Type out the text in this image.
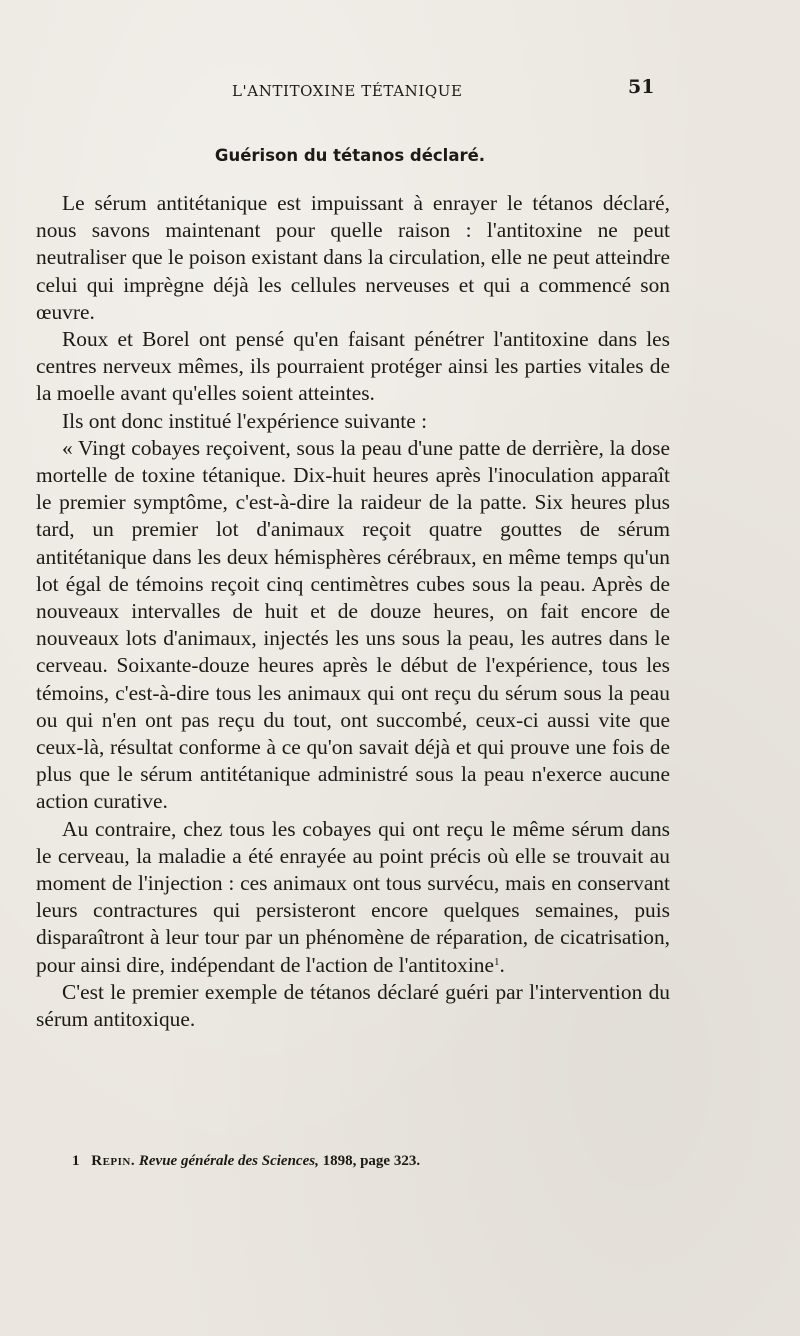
L'ANTITOXINE TÉTANIQUE	51
Guérison du tétanos déclaré.

Le sérum antitétanique est impuissant à enrayer le tétanos déclaré, nous savons maintenant pour quelle raison : l'antitoxine ne peut neutraliser que le poison existant dans la circulation, elle ne peut atteindre celui qui imprègne déjà les cellules nerveuses et qui a commencé son œuvre.

Roux et Borel ont pensé qu'en faisant pénétrer l'antitoxine dans les centres nerveux mêmes, ils pourraient protéger ainsi les parties vitales de la moelle avant qu'elles soient atteintes.

Ils ont donc institué l'expérience suivante :

« Vingt cobayes reçoivent, sous la peau d'une patte de derrière, la dose mortelle de toxine tétanique. Dix-huit heures après l'inoculation apparaît le premier symptôme, c'est-à-dire la raideur de la patte. Six heures plus tard, un premier lot d'animaux reçoit quatre gouttes de sérum antitétanique dans les deux hémisphères cérébraux, en même temps qu'un lot égal de témoins reçoit cinq centimètres cubes sous la peau. Après de nouveaux intervalles de huit et de douze heures, on fait encore de nouveaux lots d'animaux, injectés les uns sous la peau, les autres dans le cerveau. Soixante-douze heures après le début de l'expérience, tous les témoins, c'est-à-dire tous les animaux qui ont reçu du sérum sous la peau ou qui n'en ont pas reçu du tout, ont succombé, ceux-ci aussi vite que ceux-là, résultat conforme à ce qu'on savait déjà et qui prouve une fois de plus que le sérum antitétanique administré sous la peau n'exerce aucune action curative.

Au contraire, chez tous les cobayes qui ont reçu le même sérum dans le cerveau, la maladie a été enrayée au point précis où elle se trouvait au moment de l'injection : ces animaux ont tous survécu, mais en conservant leurs contractures qui persisteront encore quelques semaines, puis disparaîtront à leur tour par un phénomène de réparation, de cicatrisation, pour ainsi dire, indépendant de l'action de l'antitoxine$^1$.

C'est le premier exemple de tétanos déclaré guéri par l'intervention du sérum antitoxique.

1 Repin. Revue générale des Sciences, 1898, page 323.
